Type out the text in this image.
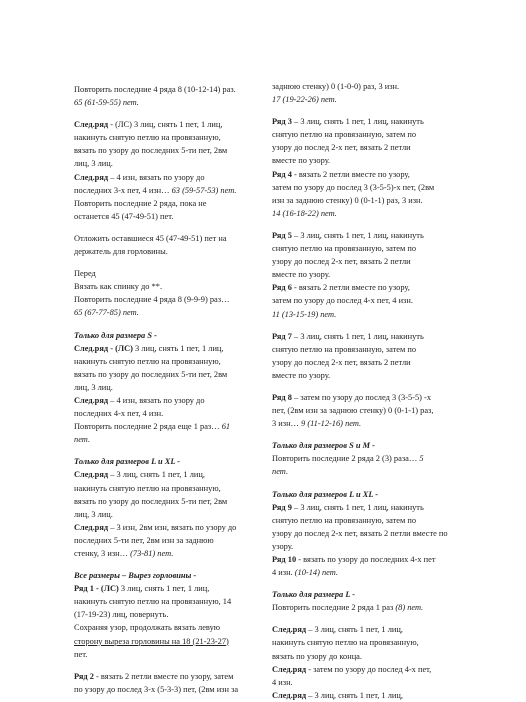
Повторить последние 4 ряда 8 (10-12-14) раз.
65 (61-59-55) пет.
След.ряд - (ЛС) 3 лиц, снять 1 пет, 1 лиц,
накинуть снятую петлю на провязанную,
вязать по узору до последних 5-ти пет, 2вм
лиц, 3 лиц.
След.ряд – 4 изн, вязать по узору до
последних 3-х пет, 4 изн… 63 (59-57-53) пет.
Повторить последние 2 ряда, пока не
останется 45 (47-49-51) пет.
Отложить оставшиеся 45 (47-49-51) пет на
держатель для горловины.
Перед
Вязать как спинку до **.
Повторить последние 4 ряда 8 (9-9-9) раз…
65 (67-77-85) пет.
Только для размера S -
След.ряд - (ЛС) 3 лиц, снять 1 пет, 1 лиц,
накинуть снятую петлю на провязанную,
вязать по узору до последних 5-ти пет, 2вм
лиц, 3 лиц.
След.ряд – 4 изн, вязать по узору до
последних 4-х пет, 4 изн.
Повторить последние 2 ряда еще 1 раз… 61
пет.
Только для размеров L и XL -
След.ряд – 3 лиц, снять 1 пет, 1 лиц,
накинуть снятую петлю на провязанную,
вязать по узору до последних 5-ти пет, 2вм
лиц, 3 лиц.
След.ряд – 3 изн, 2вм изн, вязать по узору до
последних 5-ти пет, 2вм изн за заднюю
стенку, 3 изн… (73-81) пет.
Все размеры – Вырез горловины -
Ряд 1 - (ЛС) 3 лиц, снять 1 пет, 1 лиц,
накинуть снятую петлю на провязанную, 14
(17-19-23) лиц, повернуть.
Сохраняя узор, продолжать вязать левую
сторону выреза горловины на 18 (21-23-27)
пет.
Ряд 2 - вязать 2 петли вместе по узору, затем
по узору до послед 3-х (5-3-3) пет, (2вм изн за
заднюю стенку) 0 (1-0-0) раз, 3 изн.
17 (19-22-26) пет.
Ряд 3 – 3 лиц, снять 1 пет, 1 лиц, накинуть
снятую петлю на провязанную, затем по
узору до послед 2-х пет, вязать 2 петли
вместе по узору.
Ряд 4 - вязать 2 петли вместе по узору,
затем по узору до послед 3 (3-5-5)-х пет, (2вм
изн за заднюю стенку) 0 (0-1-1) раз, 3 изн.
14 (16-18-22) пет.
Ряд 5 – 3 лиц, снять 1 пет, 1 лиц, накинуть
снятую петлю на провязанную, затем по
узору до послед 2-х пет, вязать 2 петли
вместе по узору.
Ряд 6 - вязать 2 петли вместе по узору,
затем по узору до послед 4-х пет, 4 изн.
11 (13-15-19) пет.
Ряд 7 – 3 лиц, снять 1 пет, 1 лиц, накинуть
снятую петлю на провязанную, затем по
узору до послед 2-х пет, вязать 2 петли
вместе по узору.
Ряд 8 – затем по узору до послед 3 (3-5-5) -х
пет, (2вм изн за заднюю стенку) 0 (0-1-1) раз,
3 изн… 9 (11-12-16) пет.
Только для размеров S и M -
Повторить последние 2 ряда 2 (3) раза… 5
пет.
Только для размеров L и XL -
Ряд 9 – 3 лиц, снять 1 пет, 1 лиц, накинуть
снятую петлю на провязанную, затем по
узору до послед 2-х пет, вязать 2 петли вместе по
узору.
Ряд 10 - вязать по узору до последних 4-х пет
4 изн. (10-14) пет.
Только для размера L -
Повторить последние 2 ряда 1 раз (8) пет.
След.ряд – 3 лиц, снять 1 пет, 1 лиц,
накинуть снятую петлю на провязанную,
вязать по узору до конца.
След.ряд - затем по узору до послед 4-х пет,
4 изн.
След.ряд – 3 лиц, снять 1 пет, 1 лиц,
